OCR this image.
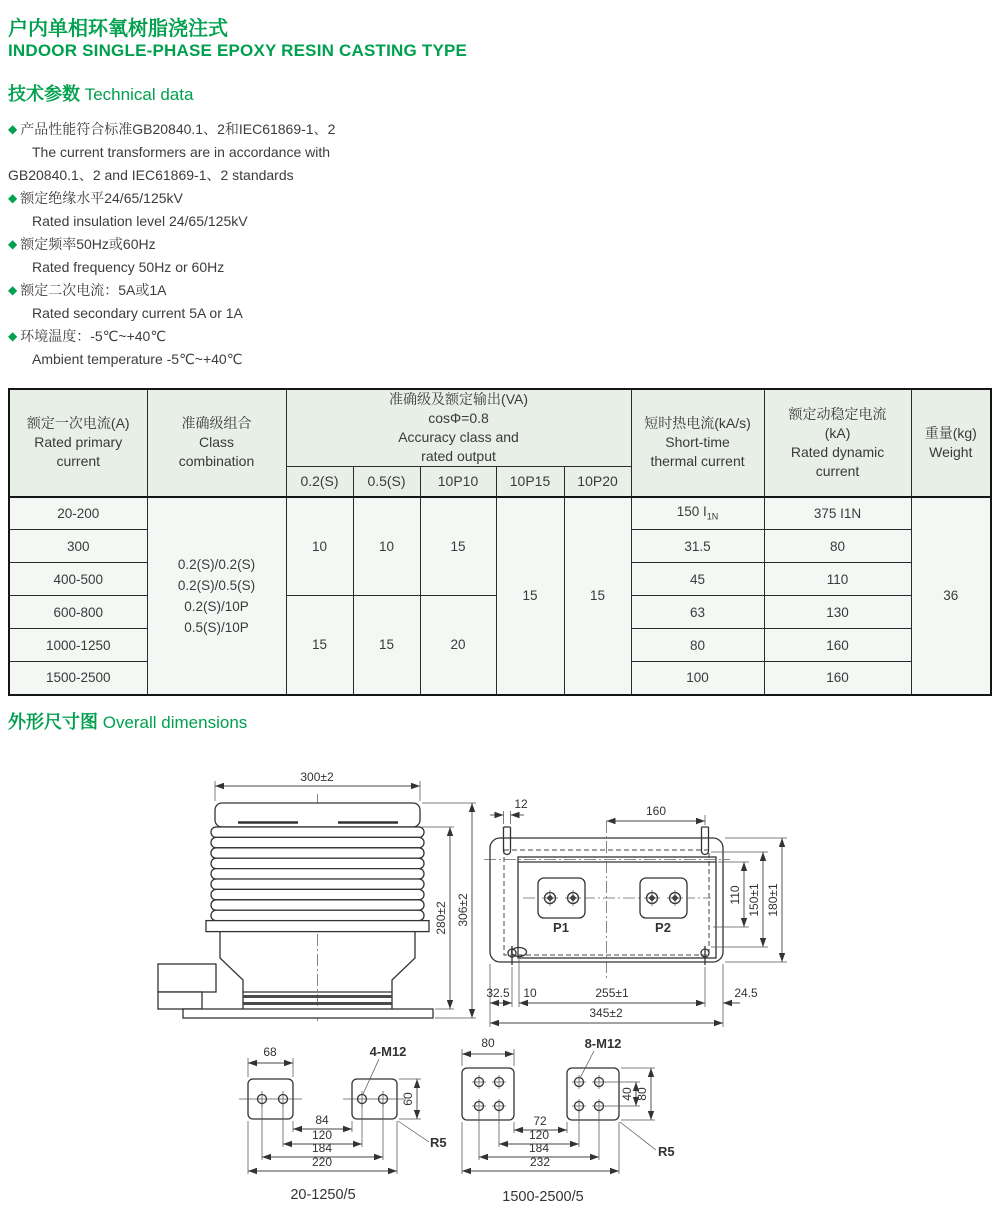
户内单相环氧树脂浇注式
INDOOR SINGLE-PHASE EPOXY RESIN CASTING TYPE
技术参数 Technical data
◆ 产品性能符合标准GB20840.1、2和IEC61869-1、2
The current transformers are in accordance with
GB20840.1、2 and IEC61869-1、2 standards
◆ 额定绝缘水平24/65/125kV
Rated insulation level 24/65/125kV
◆ 额定频率50Hz或60Hz
Rated frequency 50Hz or 60Hz
◆ 额定二次电流：5A或1A
Rated secondary current 5A or 1A
◆ 环境温度：-5℃~+40℃
Ambient temperature -5℃~+40℃
额定一次电流(A)
Rated primary
current

准确级组合
Class
combination

准确级及额定输出(VA)
cosΦ=0.8
Accuracy class and
rated output

短时热电流(kA/s)
Short-time
thermal current

额定动稳定电流
(kA)
Rated dynamic
current

重量(kg)
Weight

		0.2(S)	0.5(S)	10P10	10P15	10P20			
20-200	0.2(S)/0.2(S)
0.2(S)/0.5(S)
0.2(S)/10P
0.5(S)/10P	10	10	15	15	15	150 $I_{1N}$	375 I1N	36
300							31.5	80	
400-500							45	110	
600-800		15	15	20			63	130	
1000-1250							80	160	
1500-2500							100	160	
外形尺寸图 Overall dimensions
300±2
280±2 306±2
P1	P2
12	160
110 150±1 180±1
32.5 10	255±1	24.5
345±2
68	4-M12
60
R5
84
120
184
220
20-1250/5
80	8-M12
40 80
R5
72
120
184
232
1500-2500/5
